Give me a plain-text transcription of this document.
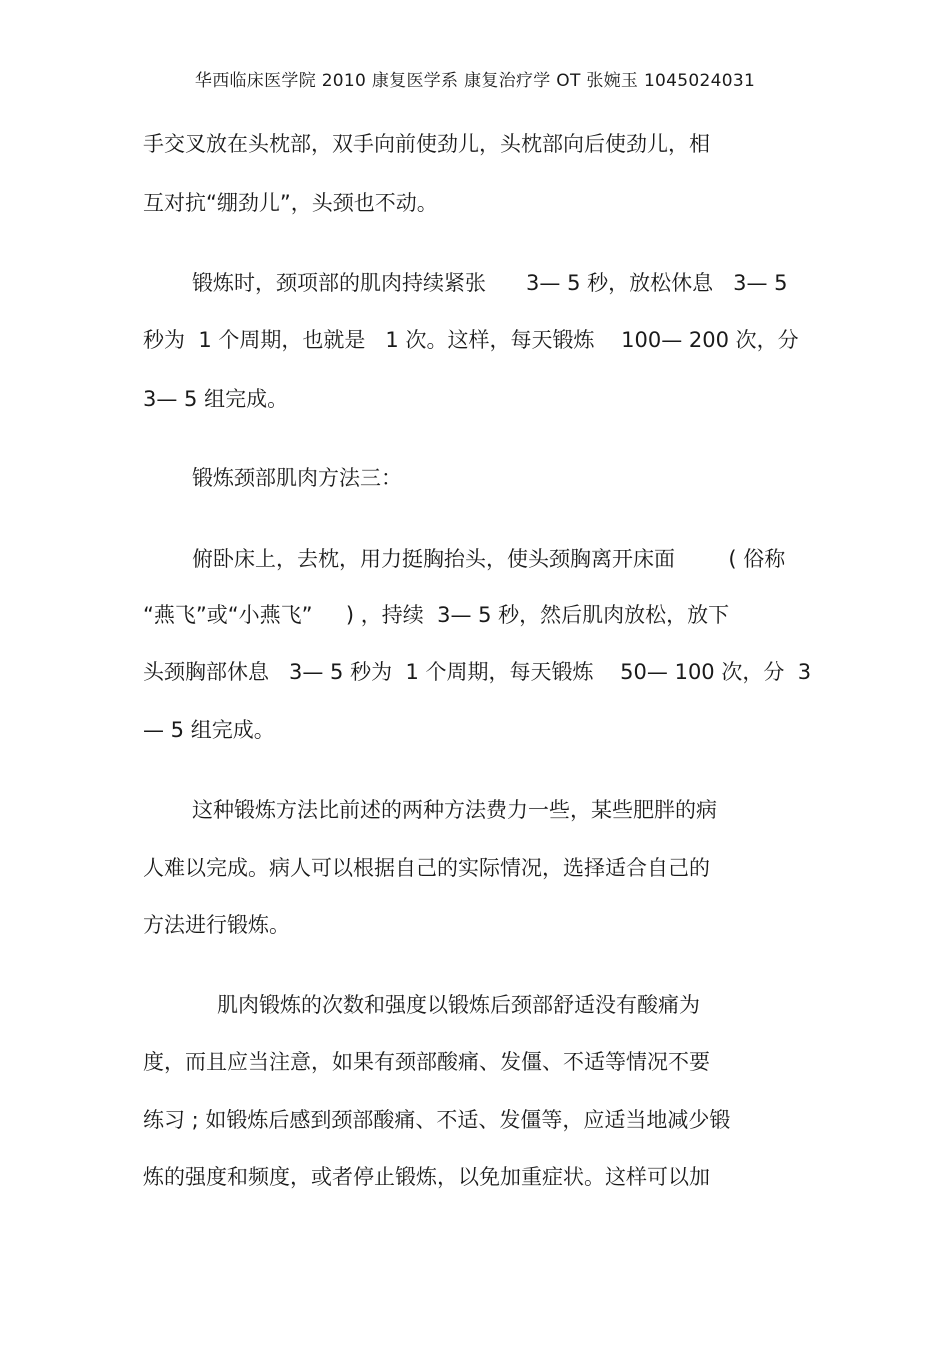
华西临床医学院 2010 康复医学系 康复治疗学 OT 张婉玉 1045024031
手交叉放在头枕部，双手向前使劲儿，头枕部向后使劲儿，相
互对抗“绷劲儿”，头颈也不动。
锻炼时，颈项部的肌肉持续紧张      3— 5 秒，放松休息   3— 5
秒为  1 个周期，也就是   1 次。这样，每天锻炼    100— 200 次，分
3— 5 组完成。
锻炼颈部肌肉方法三：
俯卧床上，去枕，用力挺胸抬头，使头颈胸离开床面        ( 俗称
“燕飞”或“小燕飞”     ) ，持续  3— 5 秒，然后肌肉放松，放下
头颈胸部休息   3— 5 秒为  1 个周期，每天锻炼    50— 100 次，分  3
— 5 组完成。
这种锻炼方法比前述的两种方法费力一些，某些肥胖的病
人难以完成。病人可以根据自己的实际情况，选择适合自己的
方法进行锻炼。
肌肉锻炼的次数和强度以锻炼后颈部舒适没有酸痛为
度，而且应当注意，如果有颈部酸痛、发僵、不适等情况不要
练习 ; 如锻炼后感到颈部酸痛、不适、发僵等，应适当地减少锻
炼的强度和频度，或者停止锻炼，以免加重症状。这样可以加
